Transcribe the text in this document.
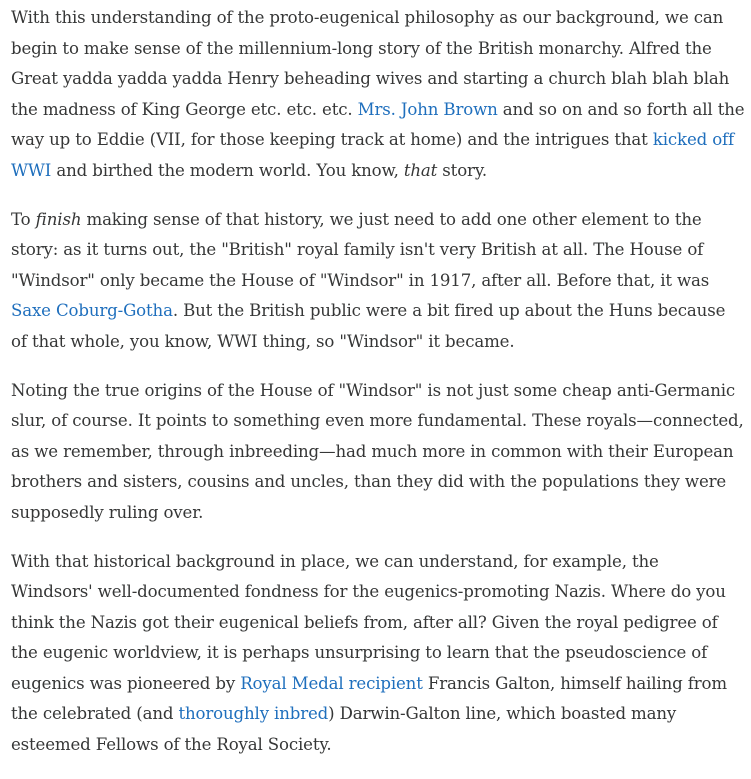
With this understanding of the proto-eugenical philosophy as our background, we can begin to make sense of the millennium-long story of the British monarchy. Alfred the Great yadda yadda yadda Henry beheading wives and starting a church blah blah blah the madness of King George etc. etc. etc. Mrs. John Brown and so on and so forth all the way up to Eddie (VII, for those keeping track at home) and the intrigues that kicked off WWI and birthed the modern world. You know, that story.

To finish making sense of that history, we just need to add one other element to the story: as it turns out, the "British" royal family isn't very British at all. The House of "Windsor" only became the House of "Windsor" in 1917, after all. Before that, it was Saxe Coburg-Gotha. But the British public were a bit fired up about the Huns because of that whole, you know, WWI thing, so "Windsor" it became.

Noting the true origins of the House of "Windsor" is not just some cheap anti-Germanic slur, of course. It points to something even more fundamental. These royals—connected, as we remember, through inbreeding—had much more in common with their European brothers and sisters, cousins and uncles, than they did with the populations they were supposedly ruling over.

With that historical background in place, we can understand, for example, the Windsors' well-documented fondness for the eugenics-promoting Nazis. Where do you think the Nazis got their eugenical beliefs from, after all? Given the royal pedigree of the eugenic worldview, it is perhaps unsurprising to learn that the pseudoscience of eugenics was pioneered by Royal Medal recipient Francis Galton, himself hailing from the celebrated (and thoroughly inbred) Darwin-Galton line, which boasted many esteemed Fellows of the Royal Society.
